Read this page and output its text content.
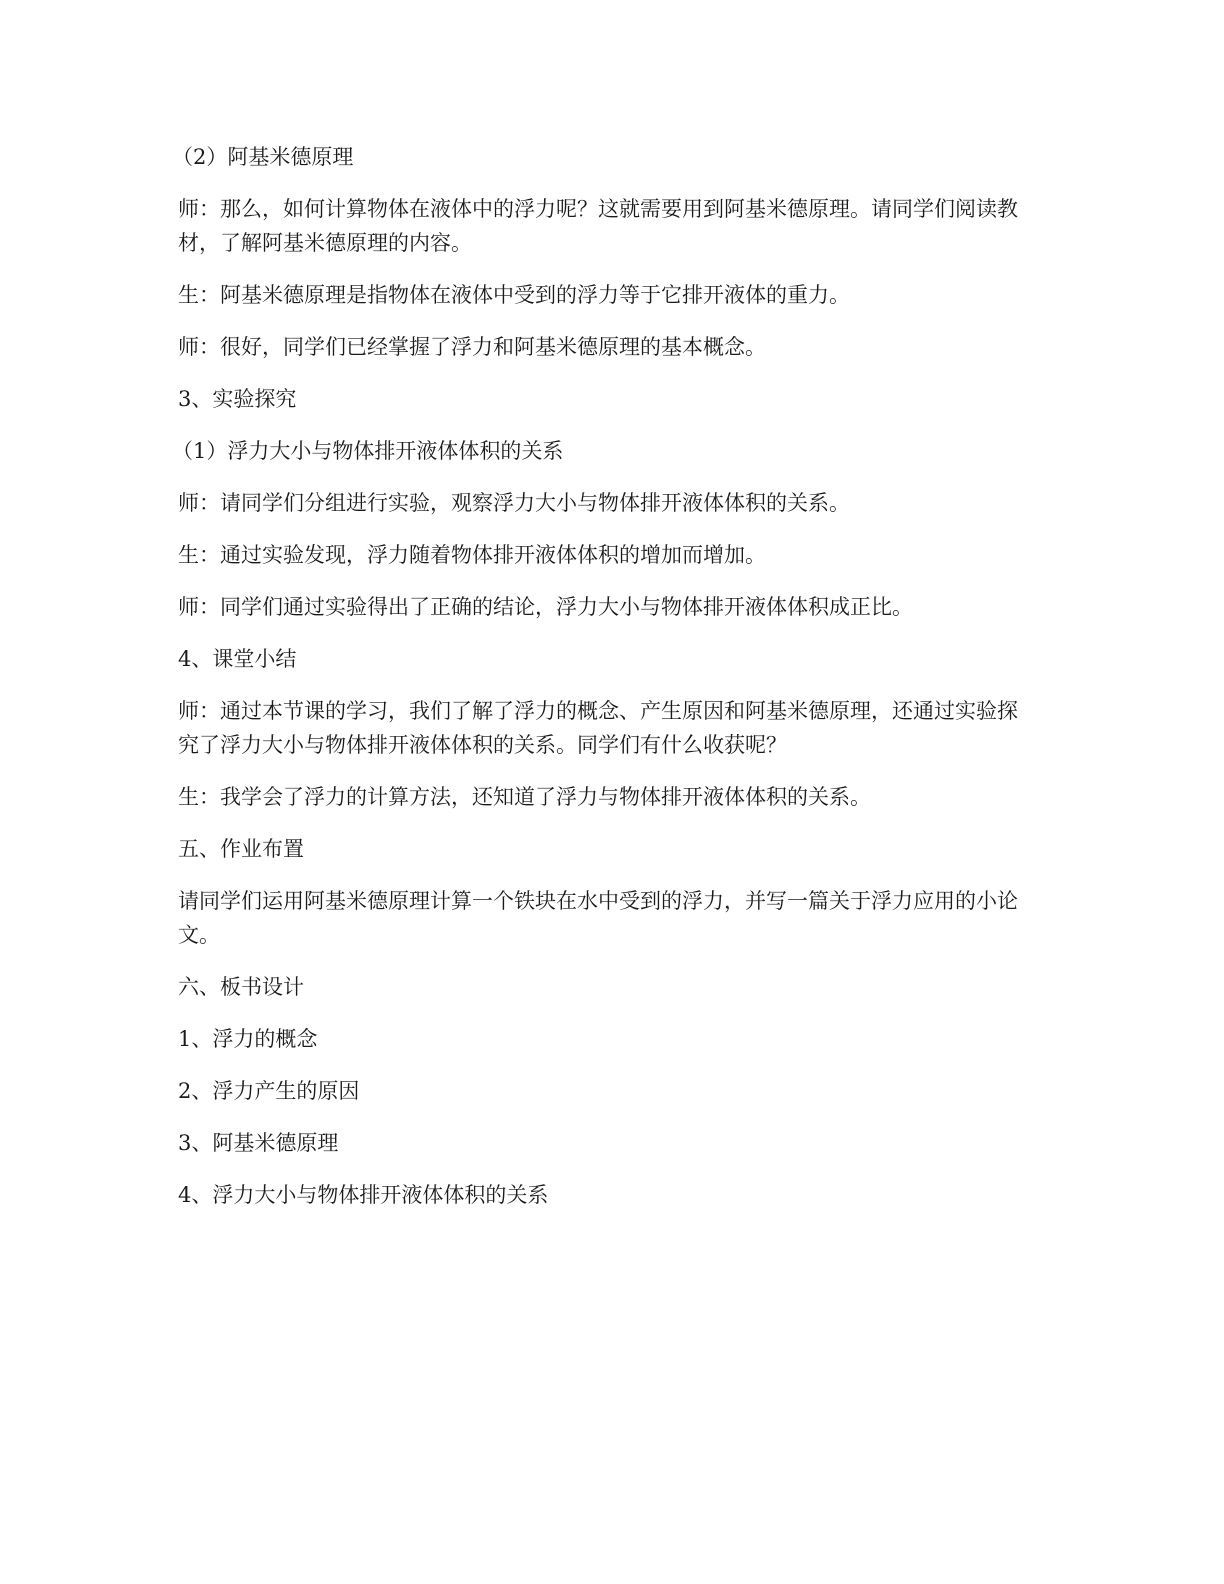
（2）阿基米德原理

师：那么，如何计算物体在液体中的浮力呢？这就需要用到阿基米德原理。请同学们阅读教材，了解阿基米德原理的内容。

生：阿基米德原理是指物体在液体中受到的浮力等于它排开液体的重力。

师：很好，同学们已经掌握了浮力和阿基米德原理的基本概念。

3、实验探究

（1）浮力大小与物体排开液体体积的关系

师：请同学们分组进行实验，观察浮力大小与物体排开液体体积的关系。

生：通过实验发现，浮力随着物体排开液体体积的增加而增加。

师：同学们通过实验得出了正确的结论，浮力大小与物体排开液体体积成正比。

4、课堂小结

师：通过本节课的学习，我们了解了浮力的概念、产生原因和阿基米德原理，还通过实验探究了浮力大小与物体排开液体体积的关系。同学们有什么收获呢？

生：我学会了浮力的计算方法，还知道了浮力与物体排开液体体积的关系。

五、作业布置

请同学们运用阿基米德原理计算一个铁块在水中受到的浮力，并写一篇关于浮力应用的小论文。

六、板书设计

1、浮力的概念

2、浮力产生的原因

3、阿基米德原理

4、浮力大小与物体排开液体体积的关系
